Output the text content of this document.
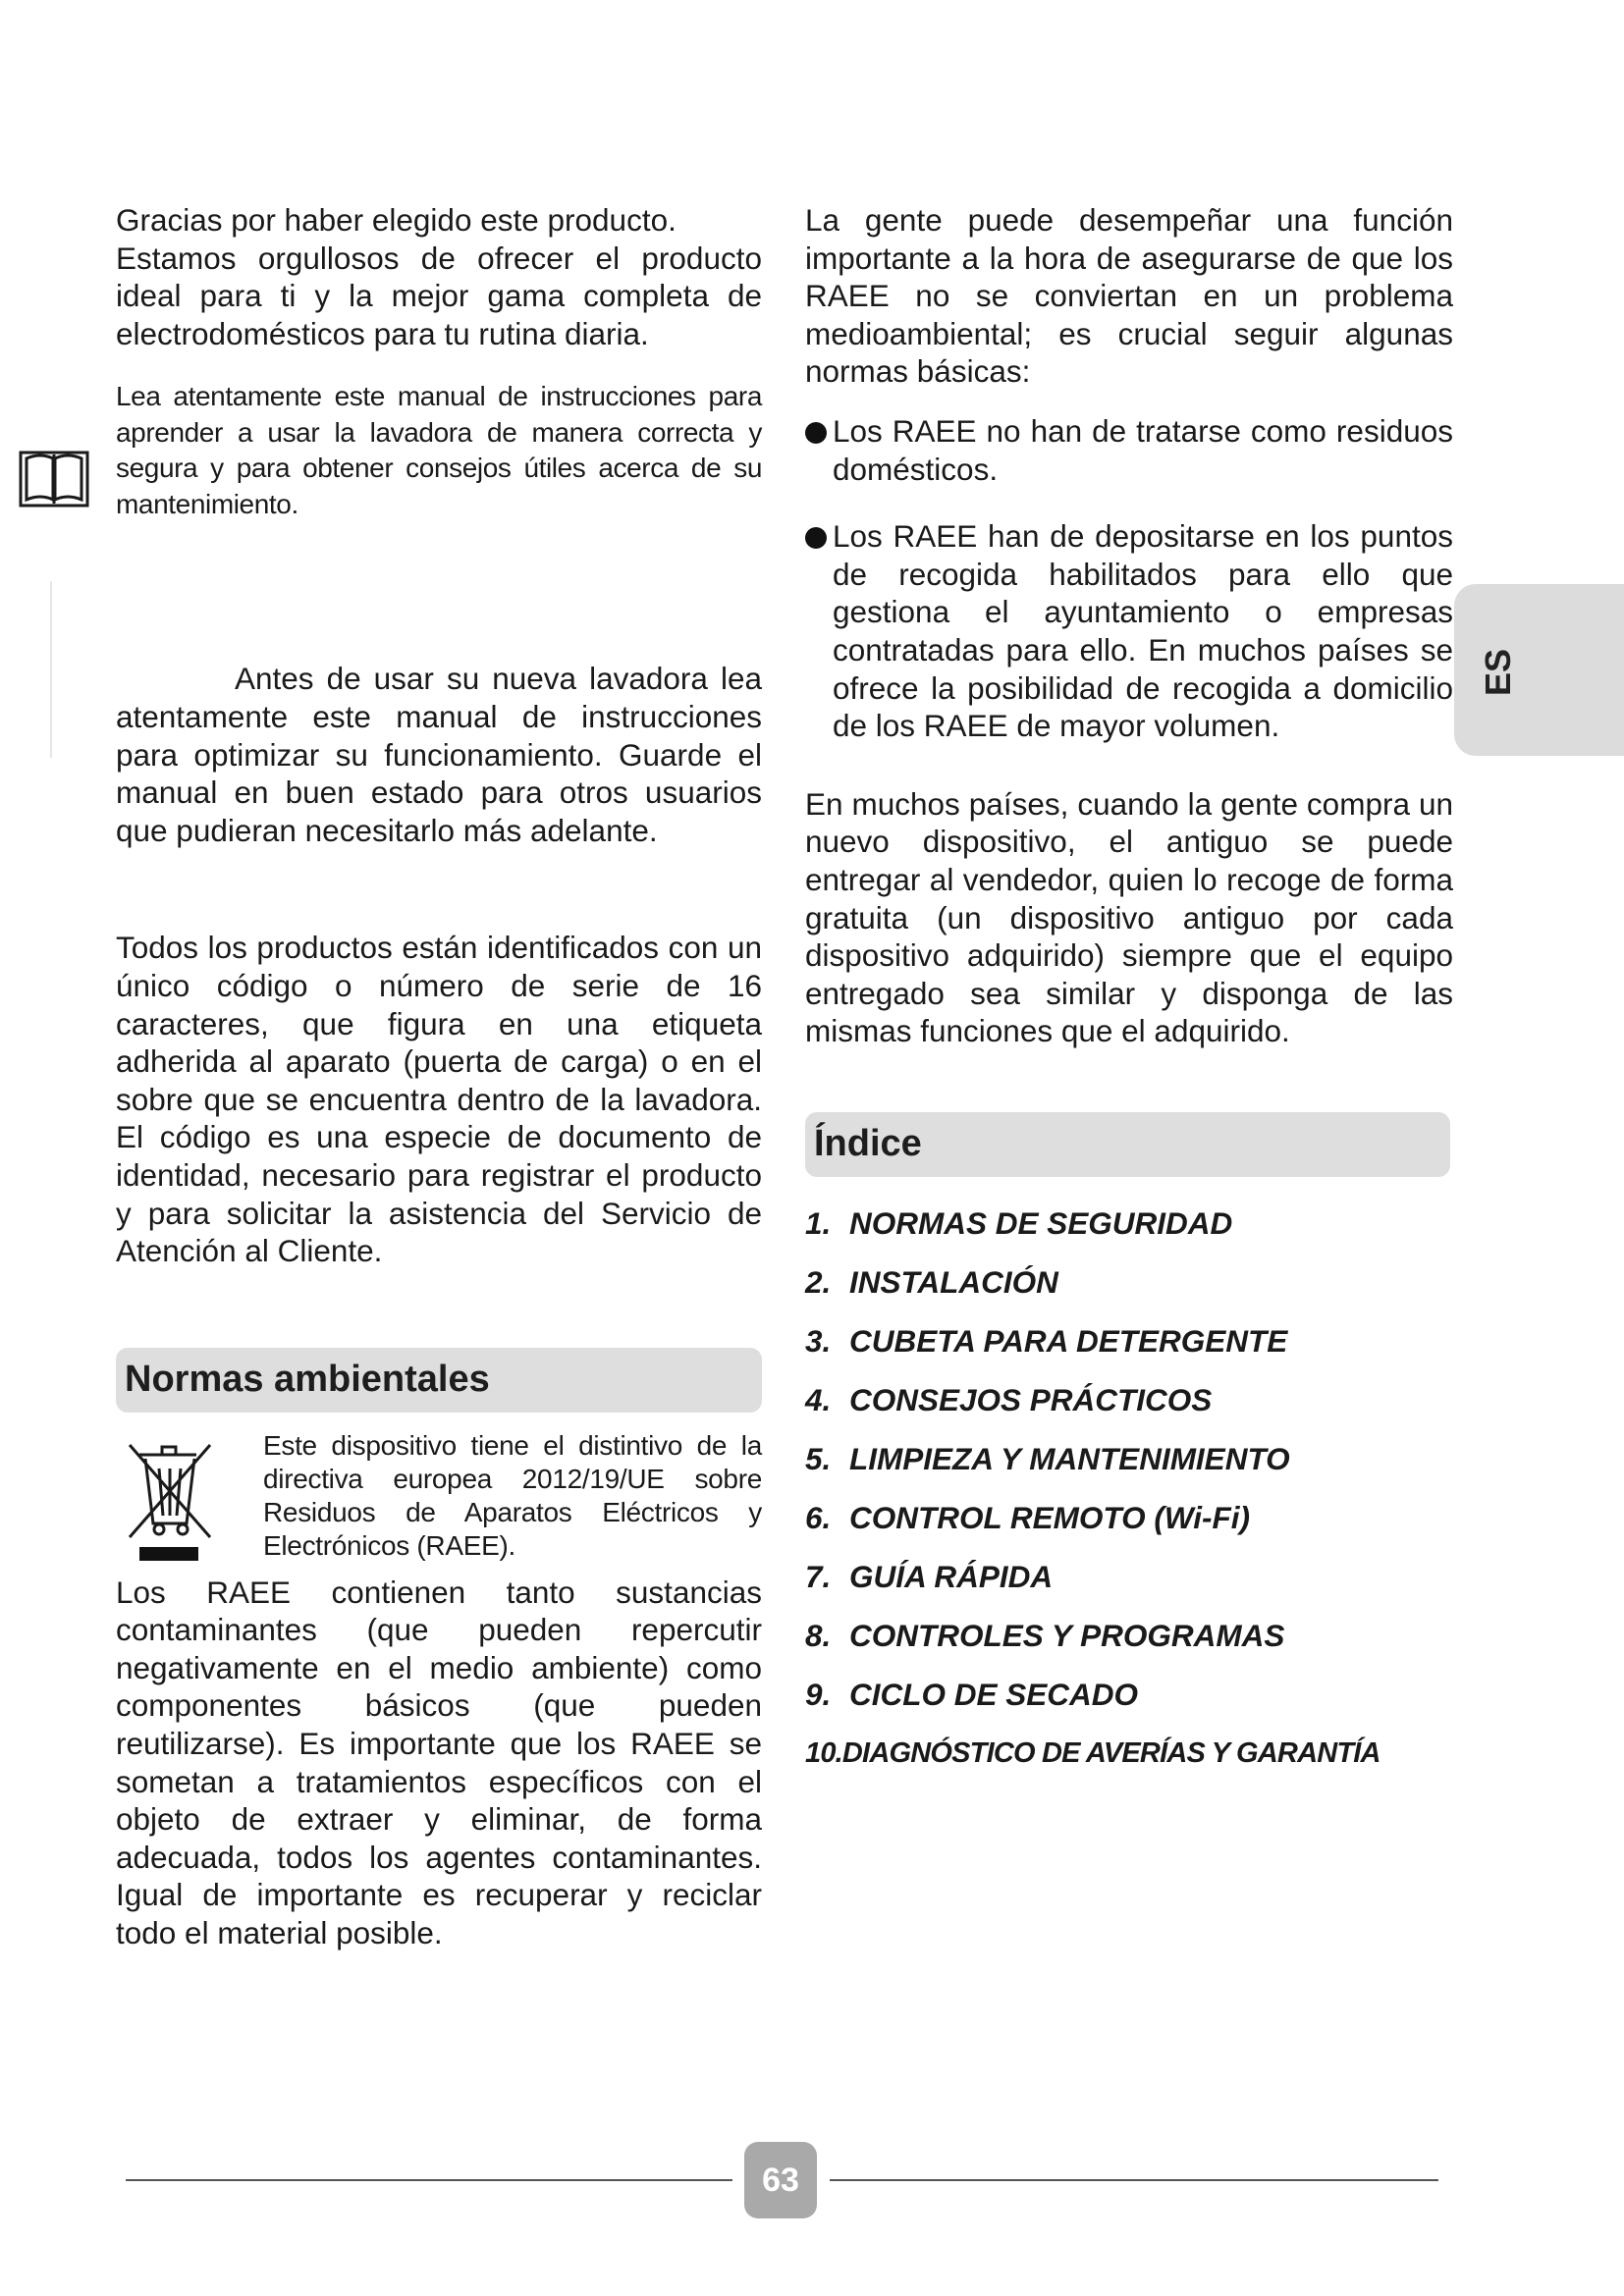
Gracias por haber elegido este producto.

Estamos orgullosos de ofrecer el producto ideal para ti y la mejor gama completa de electrodomésticos para tu rutina diaria.

Lea atentamente este manual de instrucciones para aprender a usar la lavadora de manera correcta y segura y para obtener consejos útiles acerca de su mantenimiento.

Antes de usar su nueva lavadora lea atentamente este manual de instrucciones para optimizar su funcionamiento. Guarde el manual en buen estado para otros usuarios que pudieran necesitarlo más adelante.

Todos los productos están identificados con un único código o número de serie de 16 caracteres, que figura en una etiqueta adherida al aparato (puerta de carga) o en el sobre que se encuentra dentro de la lavadora. El código es una especie de documento de identidad, necesario para registrar el producto y para solicitar la asistencia del Servicio de Atención al Cliente.

Normas ambientales

Este dispositivo tiene el distintivo de la directiva europea 2012/19/UE sobre Residuos de Aparatos Eléctricos y Electrónicos (RAEE).

Los RAEE contienen tanto sustancias contaminantes (que pueden repercutir negativamente en el medio ambiente) como componentes básicos (que pueden reutilizarse). Es importante que los RAEE se sometan a tratamientos específicos con el objeto de extraer y eliminar, de forma adecuada, todos los agentes contaminantes. Igual de importante es recuperar y reciclar todo el material posible.

La gente puede desempeñar una función importante a la hora de asegurarse de que los RAEE no se conviertan en un problema medioambiental; es crucial seguir algunas normas básicas:

Los RAEE no han de tratarse como residuos domésticos.

Los RAEE han de depositarse en los puntos de recogida habilitados para ello que gestiona el ayuntamiento o empresas contratadas para ello. En muchos países se ofrece la posibilidad de recogida a domicilio de los RAEE de mayor volumen.

En muchos países, cuando la gente compra un nuevo dispositivo, el antiguo se puede entregar al vendedor, quien lo recoge de forma gratuita (un dispositivo antiguo por cada dispositivo adquirido) siempre que el equipo entregado sea similar y disponga de las mismas funciones que el adquirido.

Índice
1. NORMAS DE SEGURIDAD
2. INSTALACIÓN
3. CUBETA PARA DETERGENTE
4. CONSEJOS PRÁCTICOS
5. LIMPIEZA Y MANTENIMIENTO
6. CONTROL REMOTO (Wi-Fi)
7. GUÍA RÁPIDA
8. CONTROLES Y PROGRAMAS
9. CICLO DE SECADO
10.DIAGNÓSTICO DE AVERÍAS Y GARANTÍA
ES
63
